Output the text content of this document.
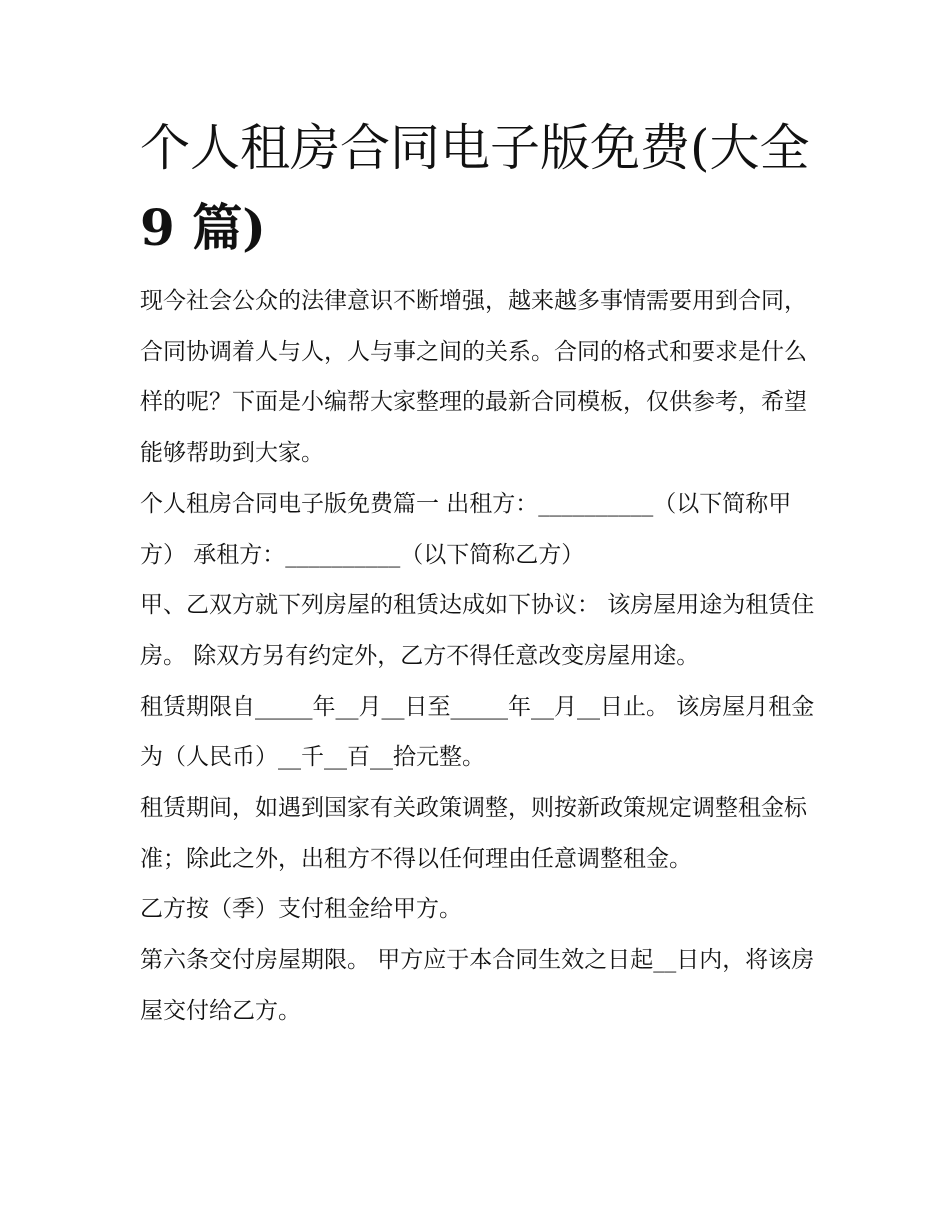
个人租房合同电子版免费(大全
9 篇)

现今社会公众的法律意识不断增强，越来越多事情需要用到合同，合同协调着人与人，人与事之间的关系。合同的格式和要求是什么样的呢？下面是小编帮大家整理的最新合同模板，仅供参考，希望能够帮助到大家。

个人租房合同电子版免费篇一 出租方：__________（以下简称甲方） 承租方：__________（以下简称乙方）

甲、乙双方就下列房屋的租赁达成如下协议： 该房屋用途为租赁住房。 除双方另有约定外，乙方不得任意改变房屋用途。

租赁期限自_____年__月__日至_____年__月__日止。 该房屋月租金为（人民币）__千__百__拾元整。

租赁期间，如遇到国家有关政策调整，则按新政策规定调整租金标准；除此之外，出租方不得以任何理由任意调整租金。

乙方按（季）支付租金给甲方。

第六条交付房屋期限。 甲方应于本合同生效之日起__日内，将该房屋交付给乙方。
